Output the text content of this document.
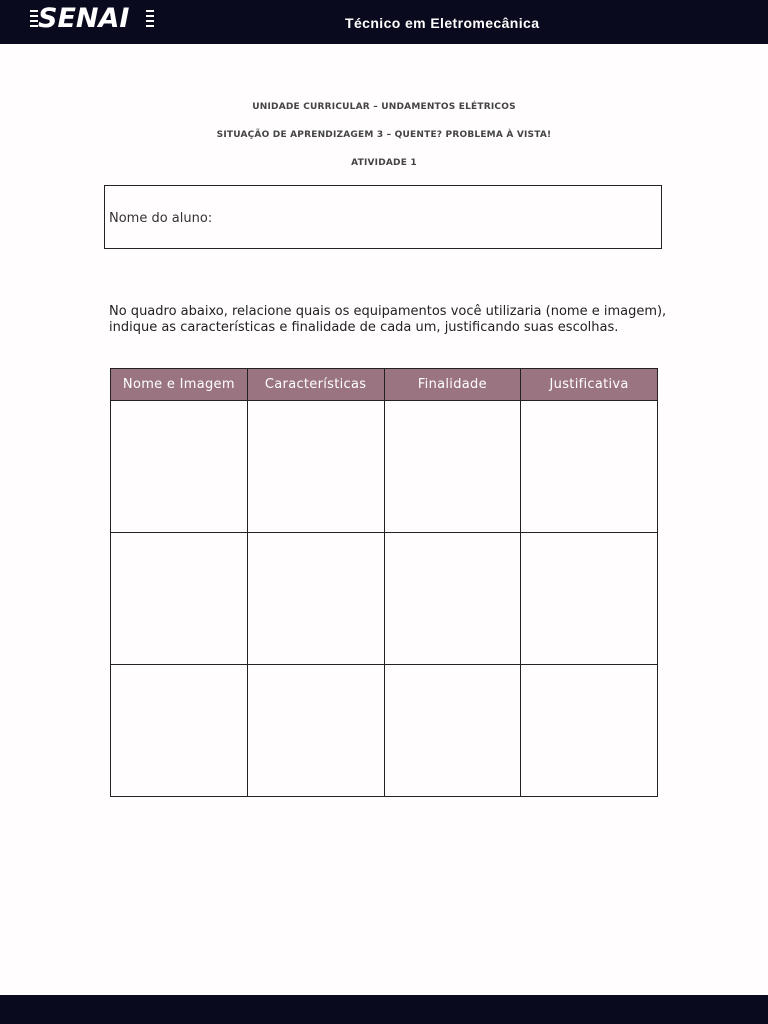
SENAI	Técnico em Eletromecânica
UNIDADE CURRICULAR – UNDAMENTOS ELÉTRICOS
SITUAÇÃO DE APRENDIZAGEM 3 – QUENTE? PROBLEMA À VISTA!
ATIVIDADE 1
Nome do aluno:
No quadro abaixo, relacione quais os equipamentos você utilizaria (nome e imagem),
indique as características e finalidade de cada um, justificando suas escolhas.
Nome e Imagem	Características	Finalidade	Justificativa
